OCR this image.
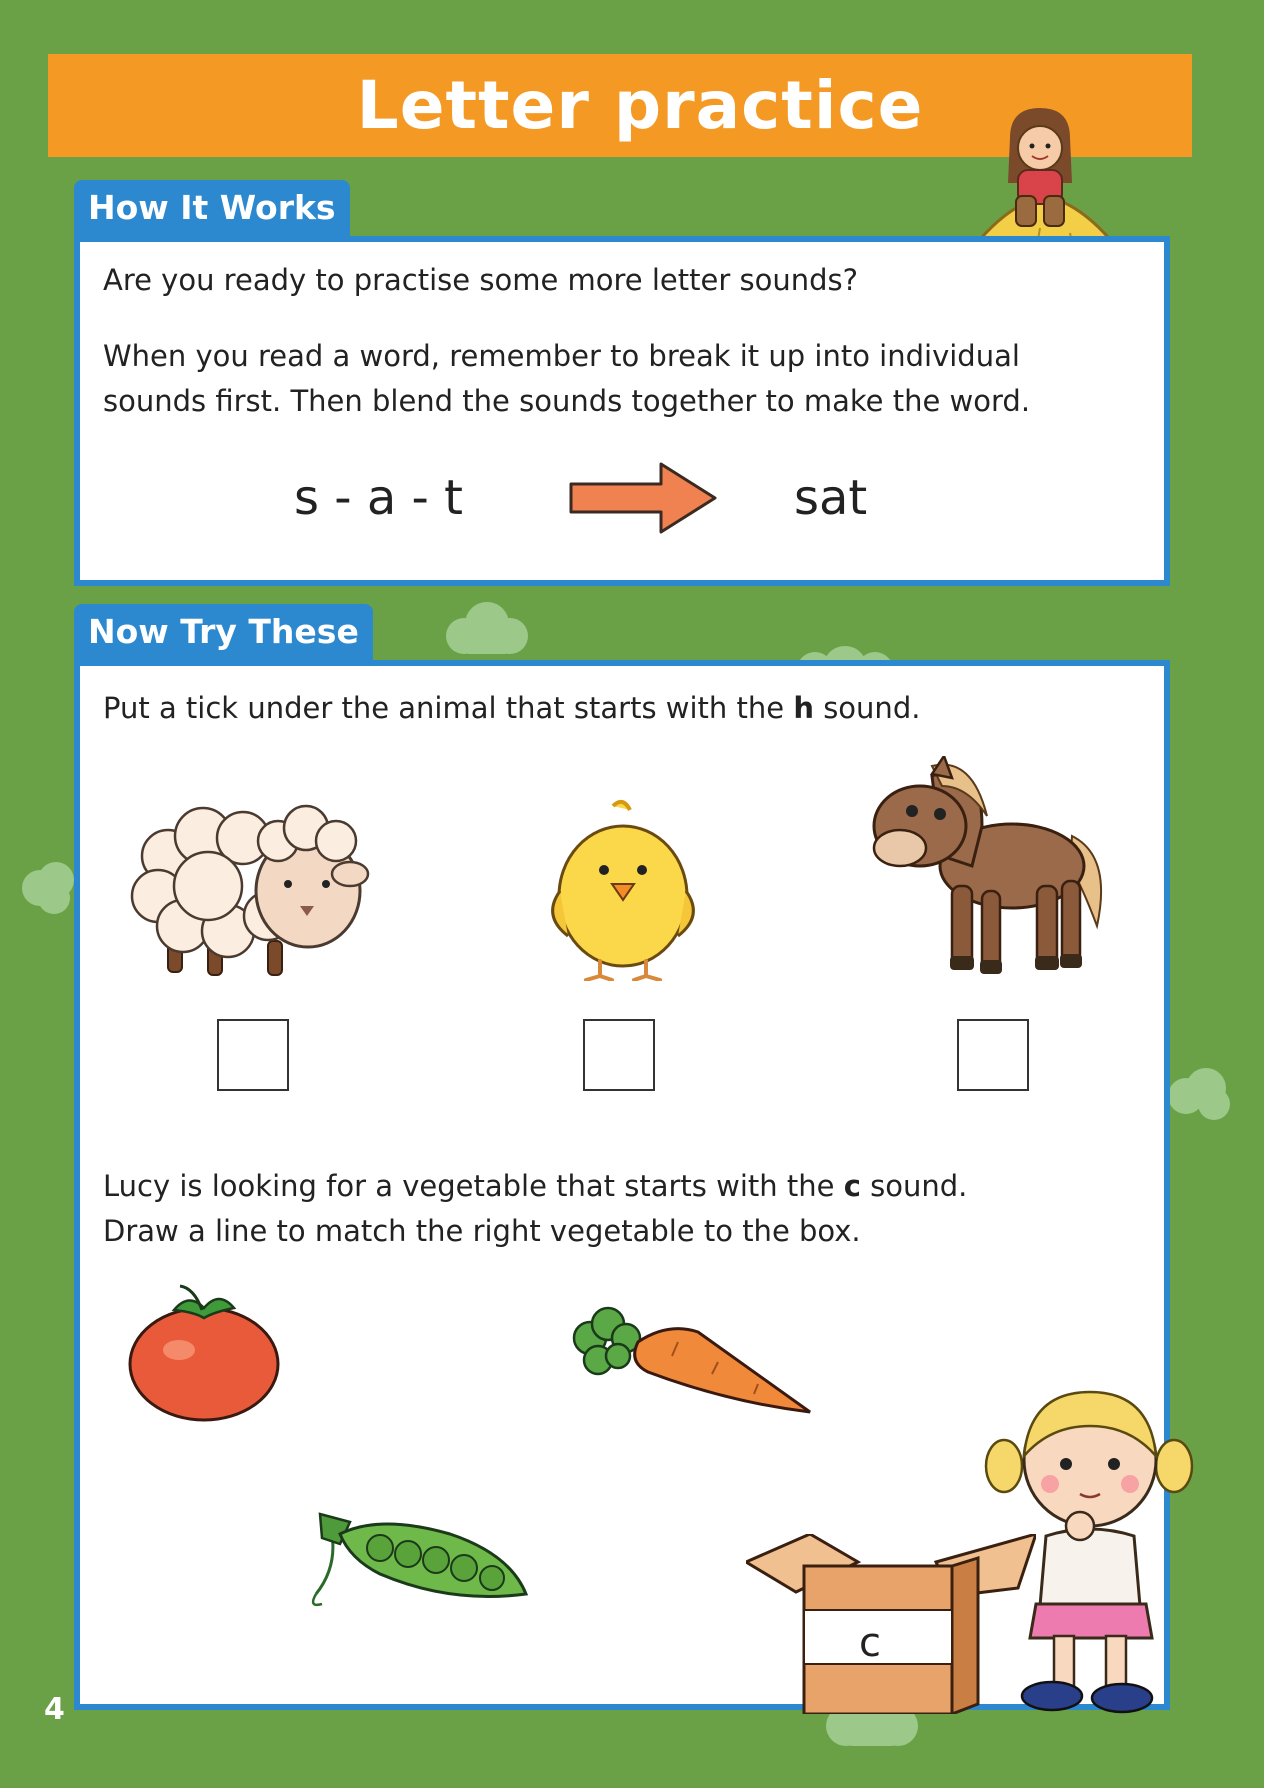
Letter practice
How It Works

Are you ready to practise some more letter sounds?

When you read a word, remember to break it up into individual
sounds first. Then blend the sounds together to make the word.

s - a - t	sat
Now Try These

Put a tick under the animal that starts with the h sound.

Lucy is looking for a vegetable that starts with the c sound.
Draw a line to match the right vegetable to the box.

c
4
